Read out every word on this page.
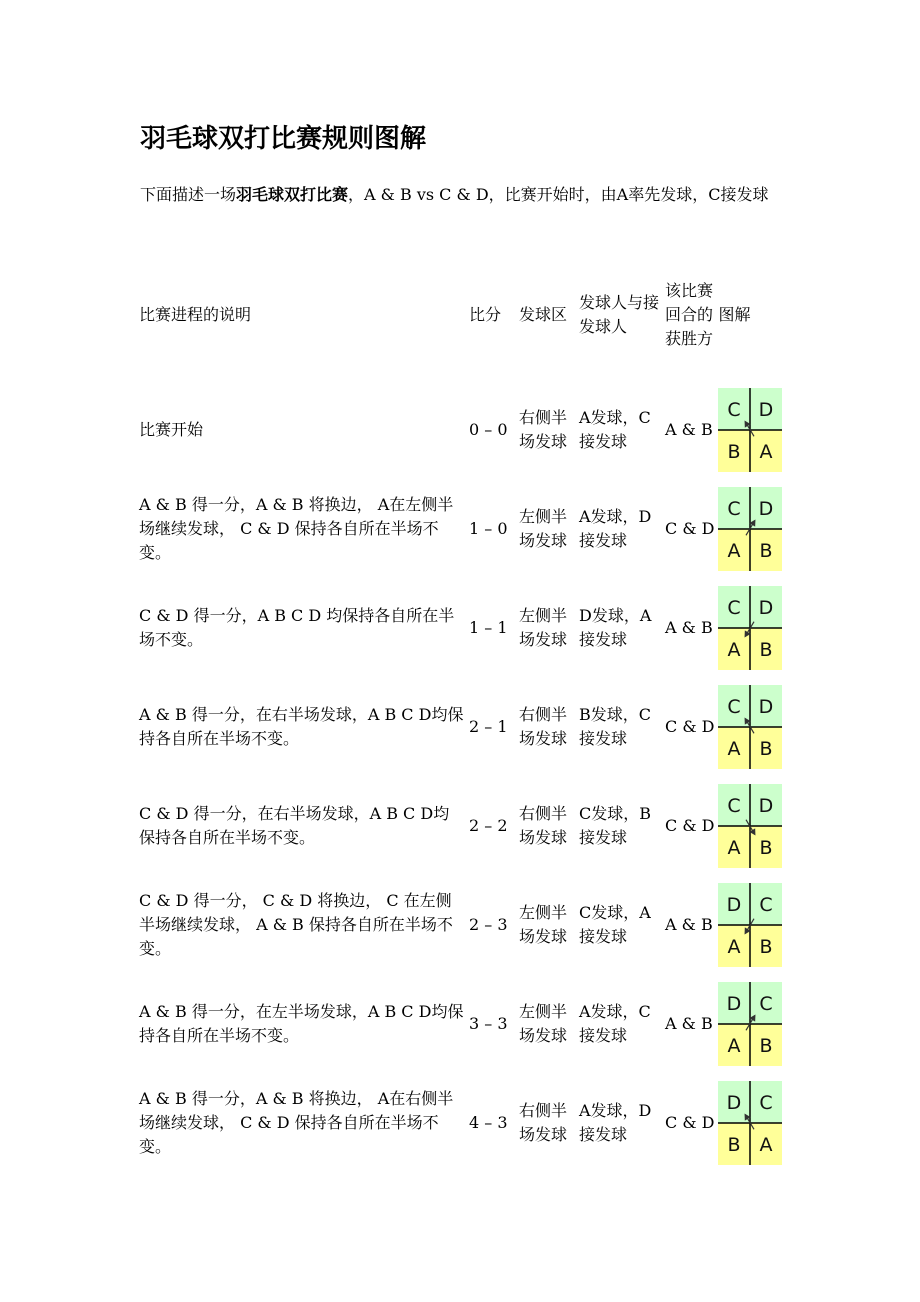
羽毛球双打比赛规则图解
下面描述一场羽毛球双打比赛，A & B vs C & D，比赛开始时，由A率先发球，C接发球
比赛进程的说明	比分	发球区	发球人与接发球人	该比赛回合的获胜方	图解
比赛开始	0 – 0	右侧半场发球	A发球，C接发球	A & B	C D
B A

A & B 得一分，A & B 将换边， A在左侧半场继续发球， C & D 保持各自所在半场不变。	1 – 0	左侧半场发球	A发球，D接发球	C & D	C D
A B

C & D 得一分，A B C D 均保持各自所在半场不变。	1 – 1	左侧半场发球	D发球，A接发球	A & B	C D
A B

A & B 得一分，在右半场发球，A B C D均保持各自所在半场不变。	2 – 1	右侧半场发球	B发球，C接发球	C & D	C D
A B

C & D 得一分，在右半场发球，A B C D均保持各自所在半场不变。	2 – 2	右侧半场发球	C发球，B接发球	C & D	C D
A B

C & D 得一分， C & D 将换边， C 在左侧半场继续发球， A & B 保持各自所在半场不变。	2 – 3	左侧半场发球	C发球，A接发球	A & B	D C
A B

A & B 得一分，在左半场发球，A B C D均保持各自所在半场不变。	3 – 3	左侧半场发球	A发球，C接发球	A & B	D C
A B

A & B 得一分，A & B 将换边， A在右侧半场继续发球， C & D 保持各自所在半场不变。	4 – 3	右侧半场发球	A发球，D接发球	C & D	D C
B A
